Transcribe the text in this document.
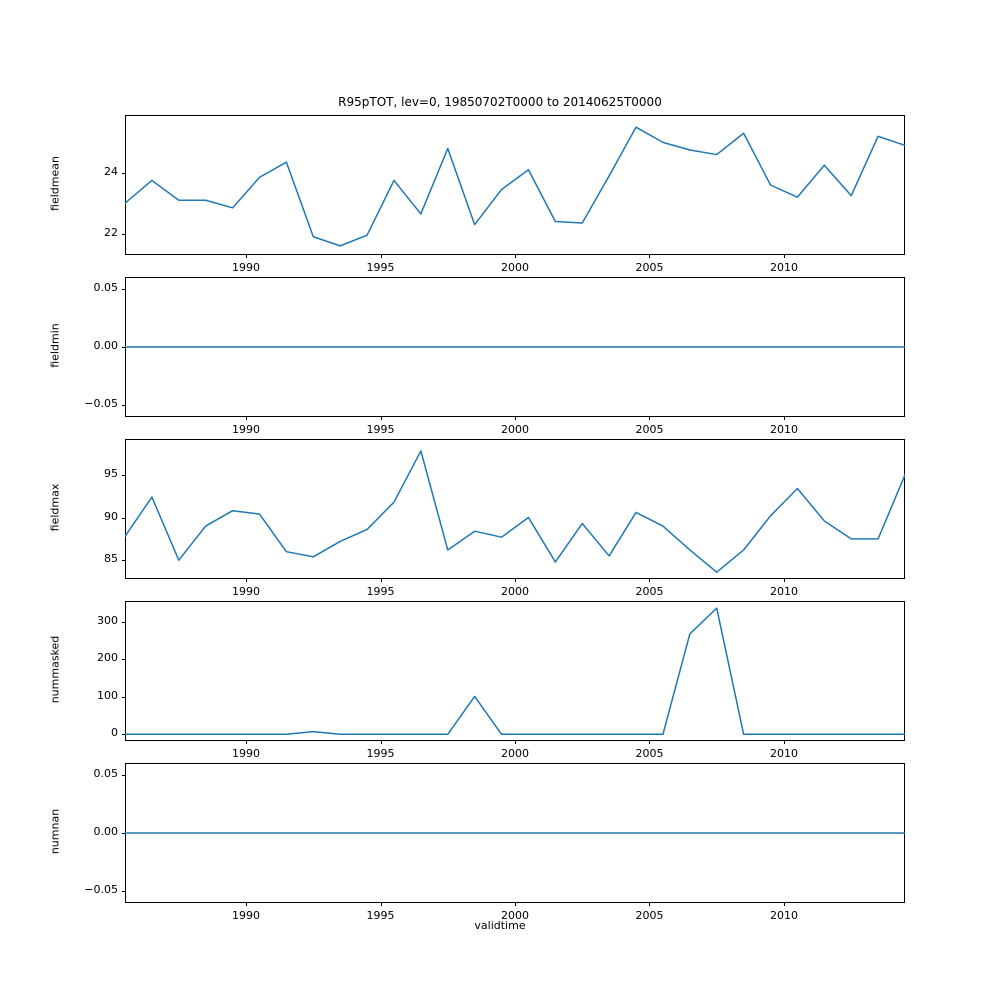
R95pTOT, lev=0, 19850702T0000 to 20140625T0000
validtime
22
24
1990	1995	2000	2005	2010
fieldmean
−0.05
0.00
0.05
1990	1995	2000	2005	2010
fieldmin
85
90
95
1990	1995	2000	2005	2010
fieldmax
0
100
200
300
1990	1995	2000	2005	2010
nummasked
−0.05
0.00
0.05
1990	1995	2000	2005	2010
numnan
